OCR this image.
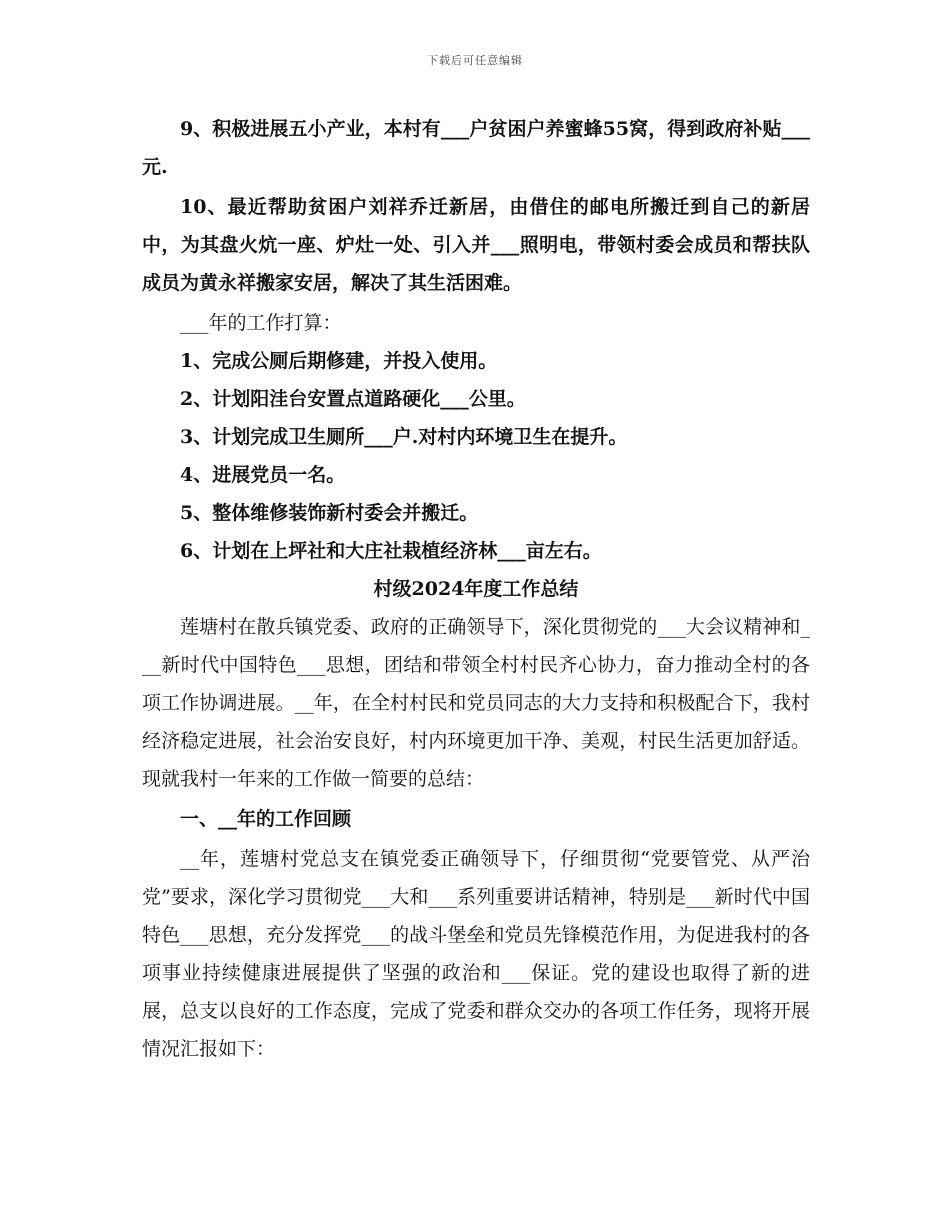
下载后可任意编辑

9、积极进展五小产业，本村有___户贫困户养蜜蜂55窝，得到政府补贴___元.

10、最近帮助贫困户刘祥乔迁新居，由借住的邮电所搬迁到自己的新居中，为其盘火炕一座、炉灶一处、引入并___照明电，带领村委会成员和帮扶队成员为黄永祥搬家安居，解决了其生活困难。

___年的工作打算：

1、完成公厕后期修建，并投入使用。

2、计划阳洼台安置点道路硬化___公里。

3、计划完成卫生厕所___户.对村内环境卫生在提升。

4、进展党员一名。

5、整体维修装饰新村委会并搬迁。

6、计划在上坪社和大庄社栽植经济林___亩左右。

村级2024年度工作总结

莲塘村在散兵镇党委、政府的正确领导下，深化贯彻党的___大会议精神和___新时代中国特色___思想，团结和带领全村村民齐心协力，奋力推动全村的各项工作协调进展。__年，在全村村民和党员同志的大力支持和积极配合下，我村经济稳定进展，社会治安良好，村内环境更加干净、美观，村民生活更加舒适。现就我村一年来的工作做一简要的总结：

一、__年的工作回顾

__年，莲塘村党总支在镇党委正确领导下，仔细贯彻“党要管党、从严治党”要求，深化学习贯彻党___大和___系列重要讲话精神，特别是___新时代中国特色___思想，充分发挥党___的战斗堡垒和党员先锋模范作用，为促进我村的各项事业持续健康进展提供了坚强的政治和___保证。党的建设也取得了新的进展，总支以良好的工作态度，完成了党委和群众交办的各项工作任务，现将开展情况汇报如下：
